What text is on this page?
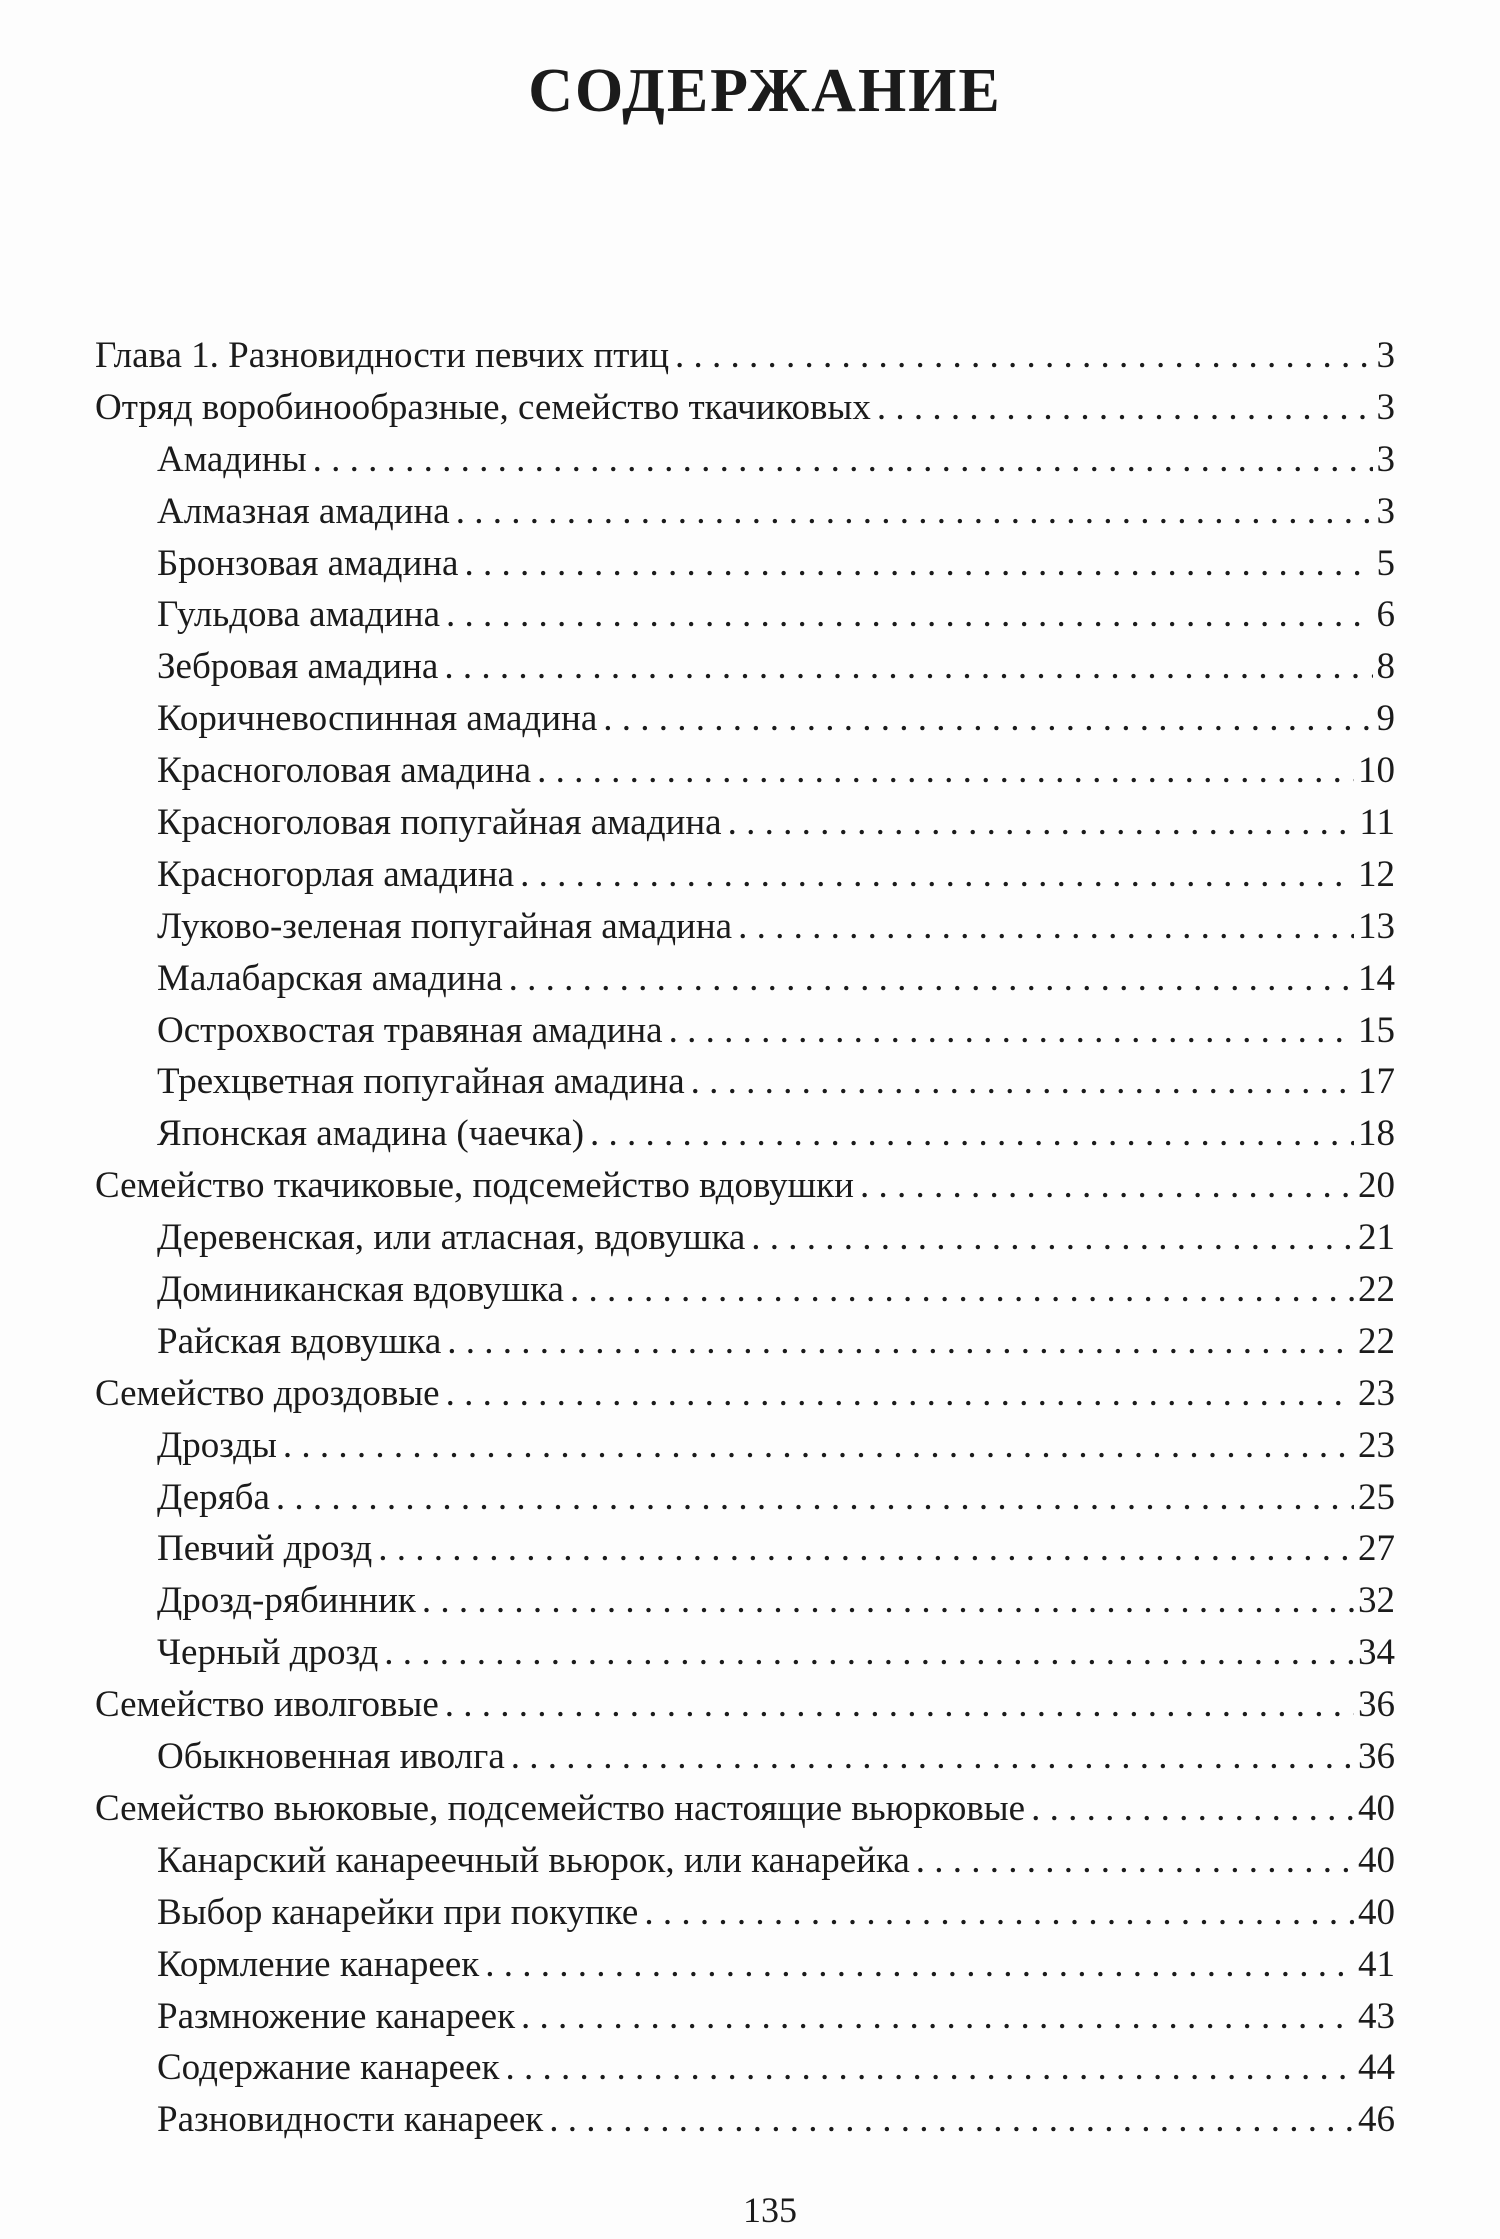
СОДЕРЖАНИЕ
Глава 1. Разновидности певчих птиц . . .	3
Отряд воробинообразные, семейство ткачиковых . . .	3
Амадины . . .	3
Алмазная амадина . . .	3
Бронзовая амадина . . .	5
Гульдова амадина . . .	6
Зебровая амадина . . .	8
Коричневоспинная амадина . . .	9
Красноголовая амадина . . .	10
Красноголовая попугайная амадина . . .	11
Красногорлая амадина . . .	12
Луково-зеленая попугайная амадина . . .	13
Малабарская амадина . . .	14
Острохвостая травяная амадина . . .	15
Трехцветная попугайная амадина . . .	17
Японская амадина (чаечка) . . .	18
Семейство ткачиковые, подсемейство вдовушки . . .	20
Деревенская, или атласная, вдовушка . . .	21
Доминиканская вдовушка . . .	22
Райская вдовушка . . .	22
Семейство дроздовые . . .	23
Дрозды . . .	23
Деряба . . .	25
Певчий дрозд . . .	27
Дрозд-рябинник . . .	32
Черный дрозд . . .	34
Семейство иволговые . . .	36
Обыкновенная иволга . . .	36
Семейство вьюковые, подсемейство настоящие вьюрковые . . .	40
Канарский канареечный вьюрок, или канарейка . . .	40
Выбор канарейки при покупке . . .	40
Кормление канареек . . .	41
Размножение канареек . . .	43
Содержание канареек . . .	44
Разновидности канареек . . .	46
135
